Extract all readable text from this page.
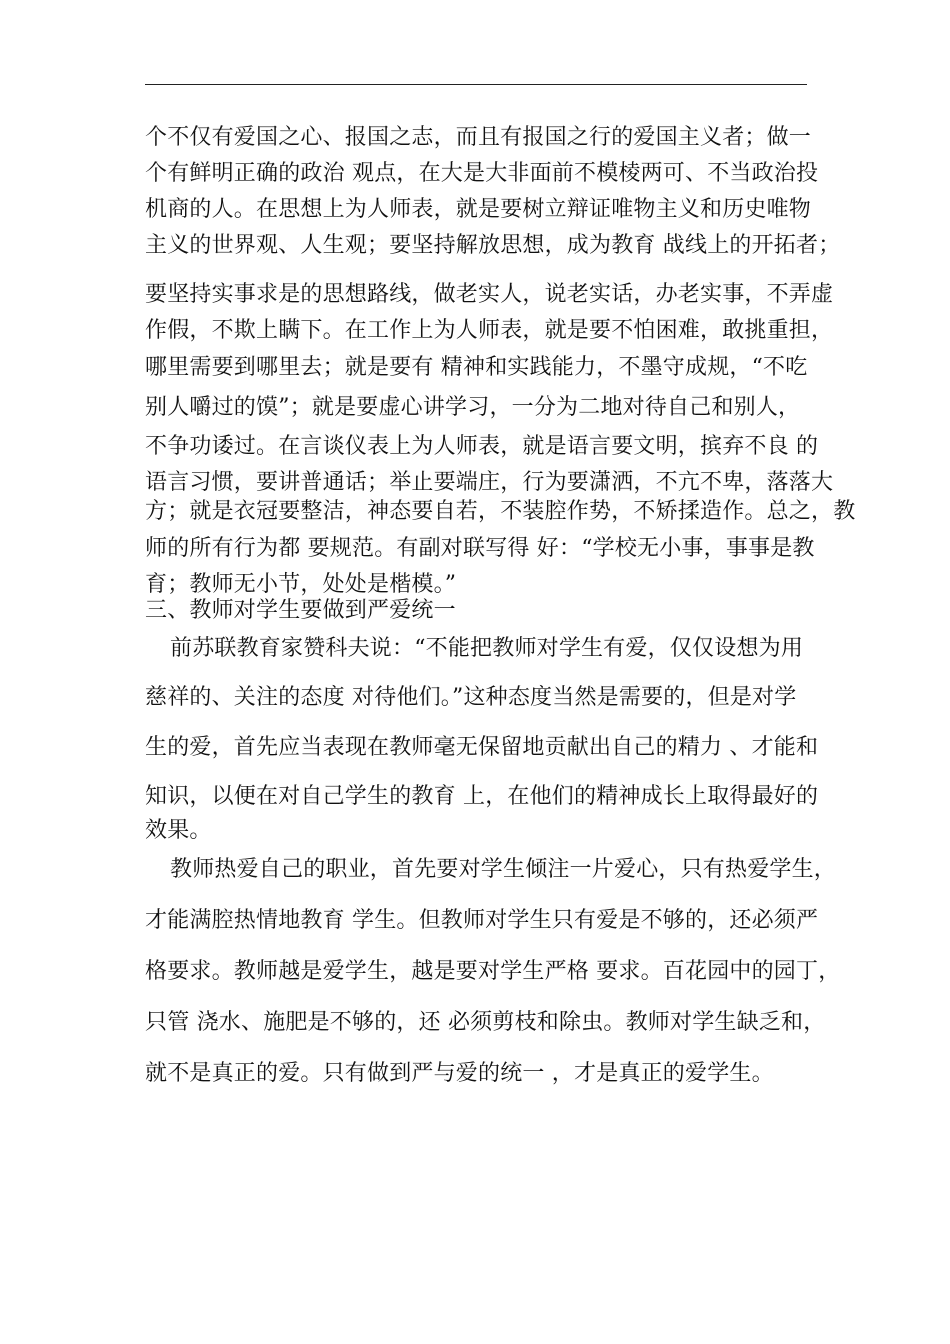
个不仅有爱国之心、报国之志，而且有报国之行的爱国主义者；做一
个有鲜明正确的政治 观点，在大是大非面前不模棱两可、不当政治投
机商的人。在思想上为人师表，就是要树立辩证唯物主义和历史唯物
主义的世界观、人生观；要坚持解放思想，成为教育 战线上的开拓者；
要坚持实事求是的思想路线，做老实人，说老实话，办老实事，不弄虚
作假，不欺上瞒下。在工作上为人师表，就是要不怕困难，敢挑重担，
哪里需要到哪里去；就是要有 精神和实践能力，不墨守成规，“不吃
别人嚼过的馍”；就是要虚心讲学习，一分为二地对待自己和别人，
不争功诿过。在言谈仪表上为人师表，就是语言要文明，摈弃不良 的
语言习惯，要讲普通话；举止要端庄，行为要潇洒，不亢不卑，落落大
方；就是衣冠要整洁，神态要自若，不装腔作势，不矫揉造作。总之，教
师的所有行为都 要规范。有副对联写得 好：“学校无小事，事事是教
育；教师无小节，处处是楷模。”
三、教师对学生要做到严爱统一
前苏联教育家赞科夫说：“不能把教师对学生有爱，仅仅设想为用
慈祥的、关注的态度 对待他们。”这种态度当然是需要的，但是对学
生的爱，首先应当表现在教师毫无保留地贡献出自己的精力 、才能和
知识，以便在对自己学生的教育 上，在他们的精神成长上取得最好的
效果。
教师热爱自己的职业，首先要对学生倾注一片爱心，只有热爱学生，
才能满腔热情地教育 学生。但教师对学生只有爱是不够的，还必须严
格要求。教师越是爱学生，越是要对学生严格 要求。百花园中的园丁，
只管 浇水、施肥是不够的，还 必须剪枝和除虫。教师对学生缺乏和，
就不是真正的爱。只有做到严与爱的统一 ，才是真正的爱学生。
